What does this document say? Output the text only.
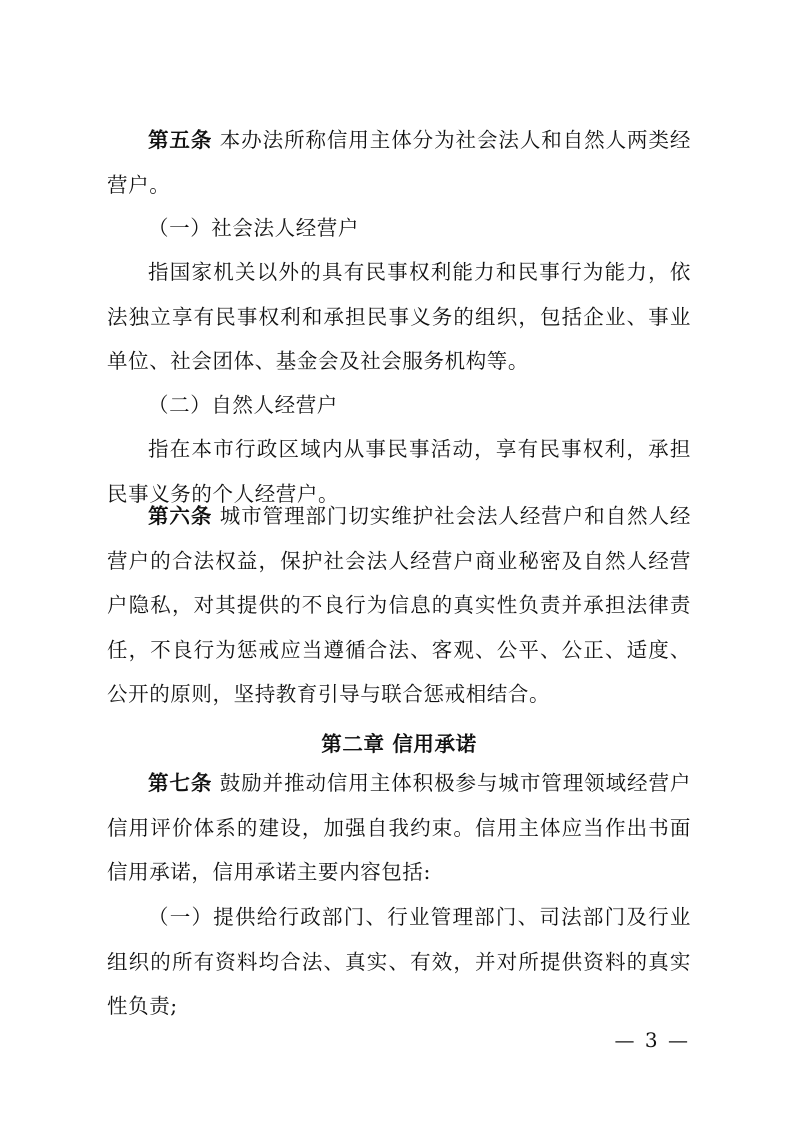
第五条 本办法所称信用主体分为社会法人和自然人两类经营户。

（一）社会法人经营户

指国家机关以外的具有民事权利能力和民事行为能力，依法独立享有民事权利和承担民事义务的组织，包括企业、事业单位、社会团体、基金会及社会服务机构等。

（二）自然人经营户

指在本市行政区域内从事民事活动，享有民事权利，承担民事义务的个人经营户。

第六条 城市管理部门切实维护社会法人经营户和自然人经营户的合法权益，保护社会法人经营户商业秘密及自然人经营户隐私，对其提供的不良行为信息的真实性负责并承担法律责任，不良行为惩戒应当遵循合法、客观、公平、公正、适度、公开的原则，坚持教育引导与联合惩戒相结合。

第二章 信用承诺

第七条 鼓励并推动信用主体积极参与城市管理领域经营户信用评价体系的建设，加强自我约束。信用主体应当作出书面信用承诺，信用承诺主要内容包括:

（一）提供给行政部门、行业管理部门、司法部门及行业组织的所有资料均合法、真实、有效，并对所提供资料的真实性负责;

— 3 —
